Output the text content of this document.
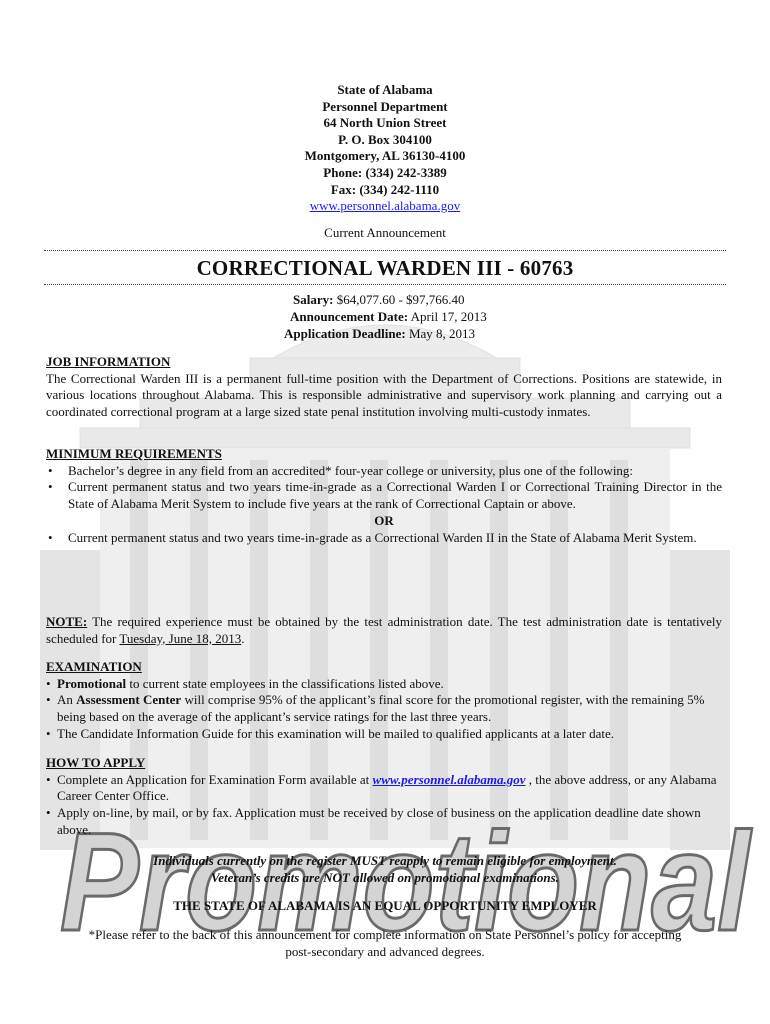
Promotional
State of Alabama
Personnel Department
64 North Union Street
P. O. Box 304100
Montgomery, AL 36130-4100
Phone: (334) 242-3389
Fax: (334) 242-1110
www.personnel.alabama.gov
Current Announcement
CORRECTIONAL WARDEN III - 60763
Salary: $64,077.60 - $97,766.40
Announcement Date: April 17, 2013
Application Deadline: May 8, 2013
JOB INFORMATION
The Correctional Warden III is a permanent full-time position with the Department of Corrections. Positions are statewide, in various locations throughout Alabama. This is responsible administrative and supervisory work planning and carrying out a coordinated correctional program at a large sized state penal institution involving multi-custody inmates.
MINIMUM REQUIREMENTS
• Bachelor’s degree in any field from an accredited* four-year college or university, plus one of the following:
• Current permanent status and two years time-in-grade as a Correctional Warden I or Correctional Training Director in the State of Alabama Merit System to include five years at the rank of Correctional Captain or above.
OR
• Current permanent status and two years time-in-grade as a Correctional Warden II in the State of Alabama Merit System.
NOTE: The required experience must be obtained by the test administration date. The test administration date is tentatively scheduled for Tuesday, June 18, 2013.
EXAMINATION
• Promotional to current state employees in the classifications listed above.
• An Assessment Center will comprise 95% of the applicant’s final score for the promotional register, with the remaining 5% being based on the average of the applicant’s service ratings for the last three years.
• The Candidate Information Guide for this examination will be mailed to qualified applicants at a later date.
HOW TO APPLY
• Complete an Application for Examination Form available at www.personnel.alabama.gov , the above address, or any Alabama Career Center Office.
• Apply on-line, by mail, or by fax. Application must be received by close of business on the application deadline date shown above.
Individuals currently on the register MUST reapply to remain eligible for employment.
Veteran’s credits are NOT allowed on promotional examinations.
THE STATE OF ALABAMA IS AN EQUAL OPPORTUNITY EMPLOYER
*Please refer to the back of this announcement for complete information on State Personnel’s policy for accepting
post-secondary and advanced degrees.
